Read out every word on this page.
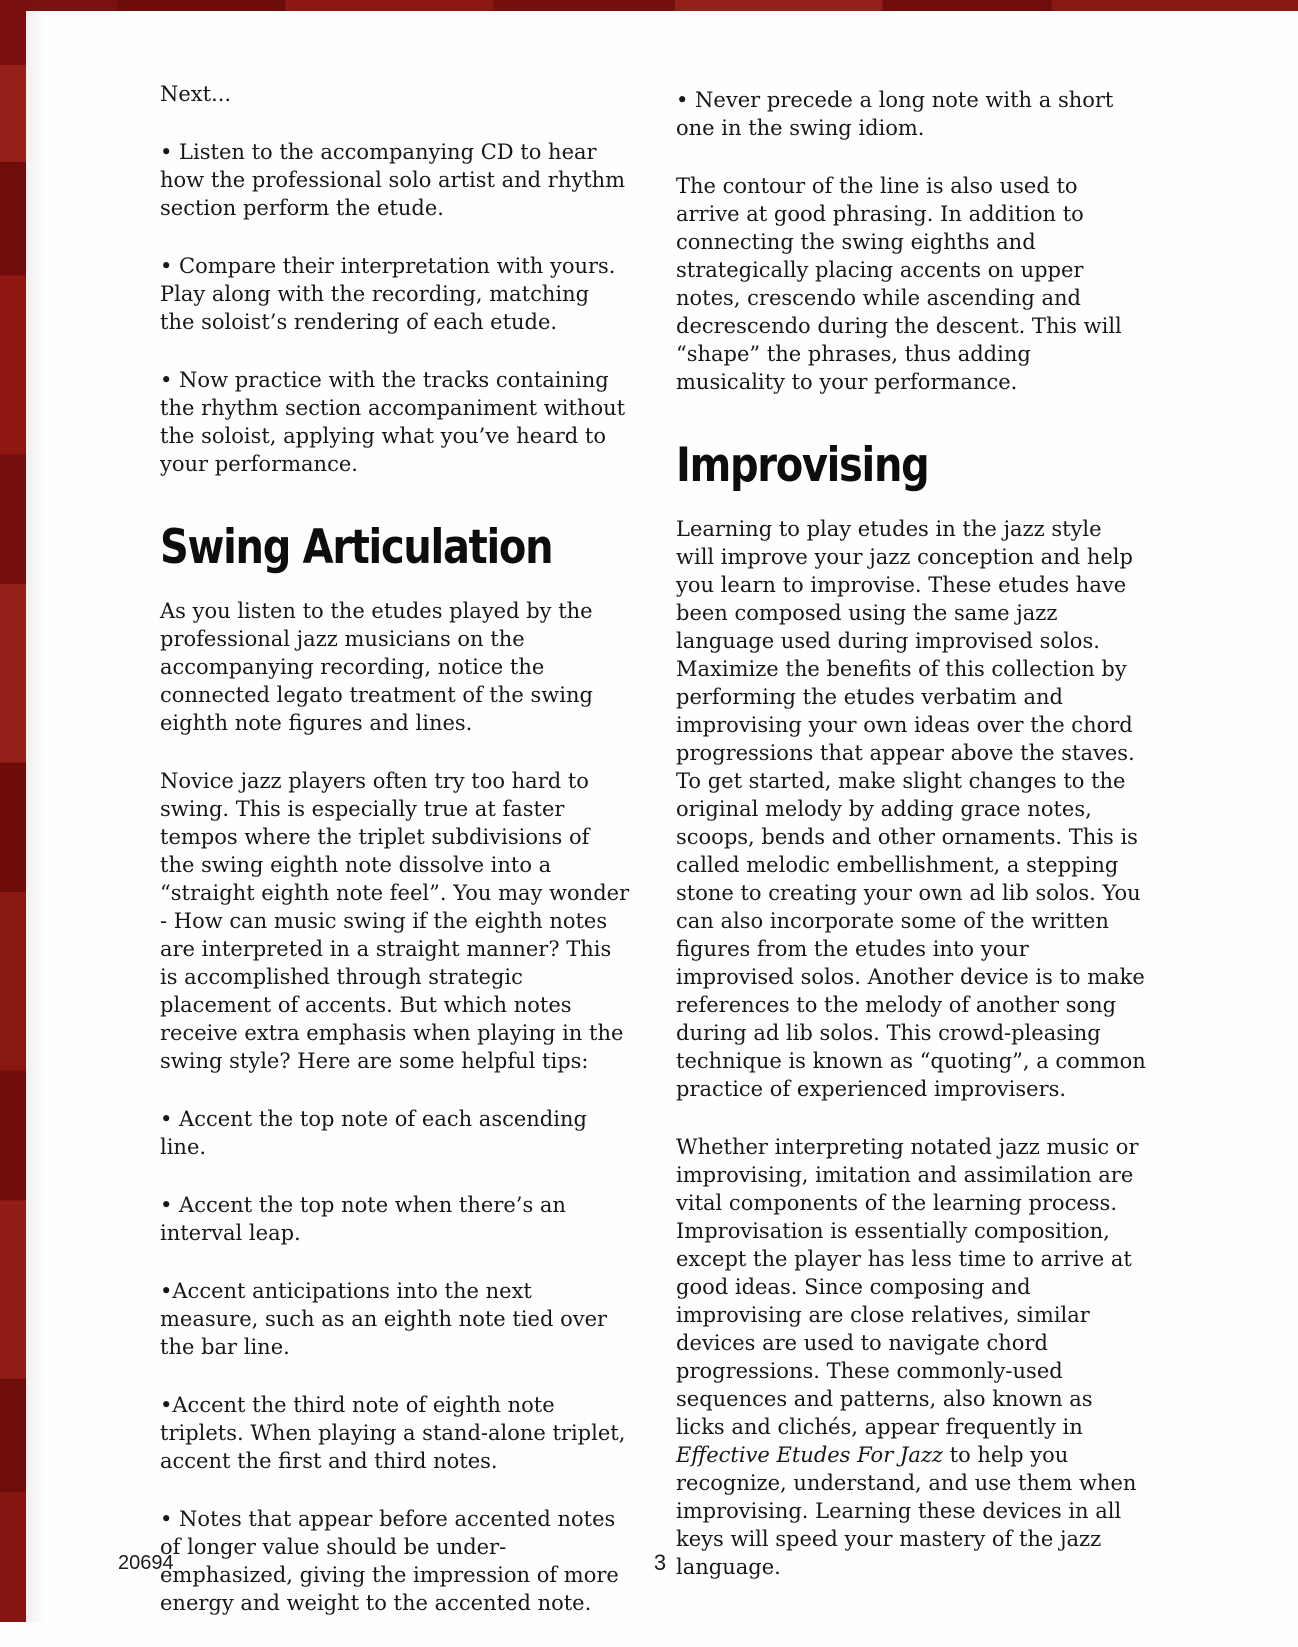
Next...

• Listen to the accompanying CD to hear how the professional solo artist and rhythm section perform the etude.

• Compare their interpretation with yours. Play along with the recording, matching the soloist’s rendering of each etude.

• Now practice with the tracks containing the rhythm section accompaniment without the soloist, applying what you’ve heard to your performance.

Swing Articulation

As you listen to the etudes played by the professional jazz musicians on the accompanying recording, notice the connected legato treatment of the swing eighth note figures and lines.

Novice jazz players often try too hard to swing. This is especially true at faster tempos where the triplet subdivisions of the swing eighth note dissolve into a “straight eighth note feel”. You may wonder - How can music swing if the eighth notes are interpreted in a straight manner? This is accomplished through strategic placement of accents. But which notes receive extra emphasis when playing in the swing style? Here are some helpful tips:

• Accent the top note of each ascending line.

• Accent the top note when there’s an interval leap.

•Accent anticipations into the next measure, such as an eighth note tied over the bar line.

•Accent the third note of eighth note triplets. When playing a stand-alone triplet, accent the first and third notes.

• Notes that appear before accented notes of longer value should be under-emphasized, giving the impression of more energy and weight to the accented note.

• Never precede a long note with a short one in the swing idiom.

The contour of the line is also used to arrive at good phrasing. In addition to connecting the swing eighths and strategically placing accents on upper notes, crescendo while ascending and decrescendo during the descent. This will “shape” the phrases, thus adding musicality to your performance.

Improvising

Learning to play etudes in the jazz style will improve your jazz conception and help you learn to improvise. These etudes have been composed using the same jazz language used during improvised solos. Maximize the benefits of this collection by performing the etudes verbatim and improvising your own ideas over the chord progressions that appear above the staves. To get started, make slight changes to the original melody by adding grace notes, scoops, bends and other ornaments. This is called melodic embellishment, a stepping stone to creating your own ad lib solos. You can also incorporate some of the written figures from the etudes into your improvised solos. Another device is to make references to the melody of another song during ad lib solos. This crowd-pleasing technique is known as “quoting”, a common practice of experienced improvisers.

Whether interpreting notated jazz music or improvising, imitation and assimilation are vital components of the learning process. Improvisation is essentially composition, except the player has less time to arrive at good ideas. Since composing and improvising are close relatives, similar devices are used to navigate chord progressions. These commonly-used sequences and patterns, also known as licks and clichés, appear frequently in Effective Etudes For Jazz to help you recognize, understand, and use them when improvising. Learning these devices in all keys will speed your mastery of the jazz language.

20694	3
